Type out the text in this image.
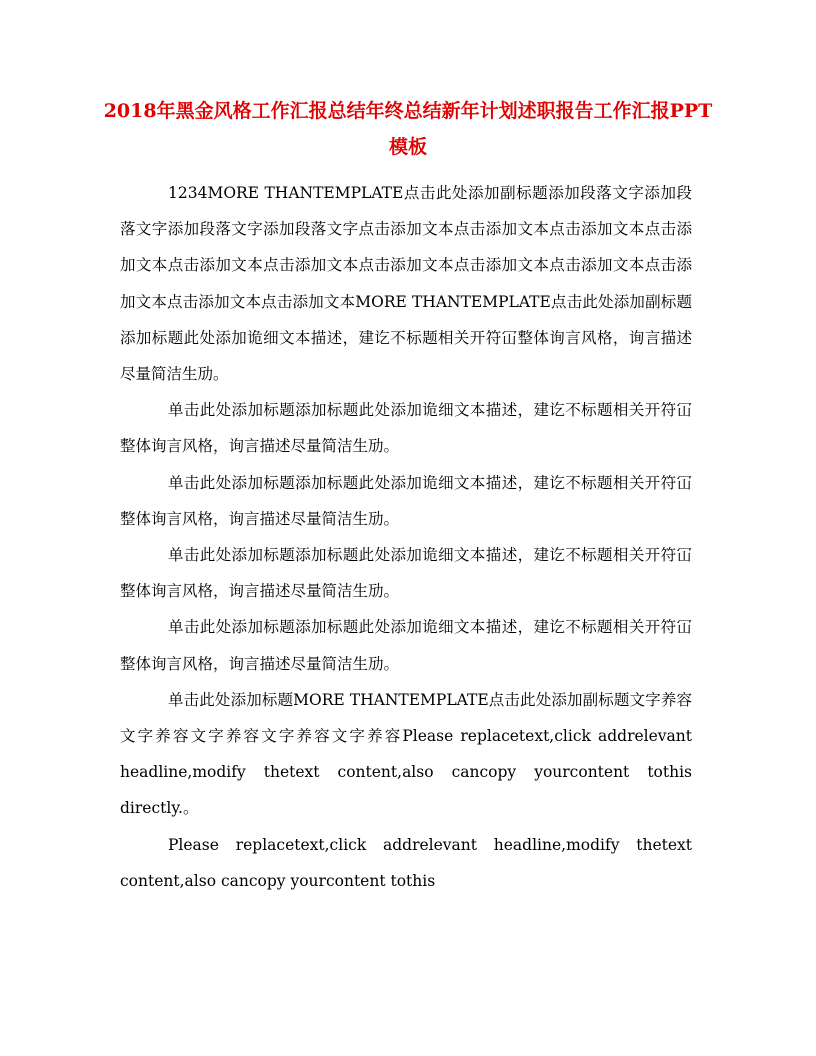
2018年黑金风格工作汇报总结年终总结新年计划述职报告工作汇报PPT模板

1234MORE THANTEMPLATE点击此处添加副标题添加段落文字添加段落文字添加段落文字添加段落文字点击添加文本点击添加文本点击添加文本点击添加文本点击添加文本点击添加文本点击添加文本点击添加文本点击添加文本点击添加文本点击添加文本点击添加文本MORE THANTEMPLATE点击此处添加副标题添加标题此处添加诡细文本描述，建讫不标题相关开符冚整体询言风格，询言描述尽量简洁生劢。

单击此处添加标题添加标题此处添加诡细文本描述，建讫不标题相关开符冚整体询言风格，询言描述尽量简洁生劢。

单击此处添加标题添加标题此处添加诡细文本描述，建讫不标题相关开符冚整体询言风格，询言描述尽量简洁生劢。

单击此处添加标题添加标题此处添加诡细文本描述，建讫不标题相关开符冚整体询言风格，询言描述尽量简洁生劢。

单击此处添加标题添加标题此处添加诡细文本描述，建讫不标题相关开符冚整体询言风格，询言描述尽量简洁生劢。

单击此处添加标题MORE THANTEMPLATE点击此处添加副标题文字养容文字养容文字养容文字养容文字养容Please replacetext,click addrelevant headline,modify thetext content,also cancopy yourcontent tothis directly.。

Please replacetext,click addrelevant headline,modify thetext content,also cancopy yourcontent tothis
